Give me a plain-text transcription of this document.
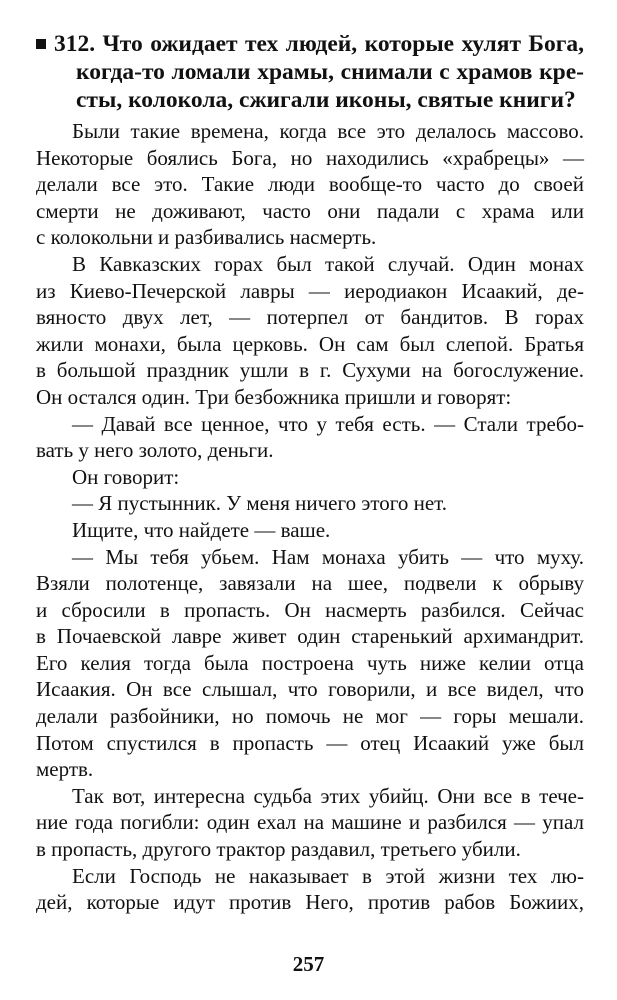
312. Что ожидает тех людей, которые хулят Бога,
когда-то ломали храмы, снимали с храмов кре-
сты, колокола, сжигали иконы, святые книги?
Были такие времена, когда все это делалось массово.
Некоторые боялись Бога, но находились «храбрецы» —
делали все это. Такие люди вообще-то часто до своей
смерти не доживают, часто они падали с храма или
с колокольни и разбивались насмерть.
В Кавказских горах был такой случай. Один монах
из Киево-Печерской лавры — иеродиакон Исаакий, де-
вяносто двух лет, — потерпел от бандитов. В горах
жили монахи, была церковь. Он сам был слепой. Братья
в большой праздник ушли в г. Сухуми на богослужение.
Он остался один. Три безбожника пришли и говорят:
— Давай все ценное, что у тебя есть. — Стали требо-
вать у него золото, деньги.
Он говорит:
— Я пустынник. У меня ничего этого нет.
Ищите, что найдете — ваше.
— Мы тебя убьем. Нам монаха убить — что муху.
Взяли полотенце, завязали на шее, подвели к обрыву
и сбросили в пропасть. Он насмерть разбился. Сейчас
в Почаевской лавре живет один старенький архимандрит.
Его келия тогда была построена чуть ниже келии отца
Исаакия. Он все слышал, что говорили, и все видел, что
делали разбойники, но помочь не мог — горы мешали.
Потом спустился в пропасть — отец Исаакий уже был
мертв.
Так вот, интересна судьба этих убийц. Они все в тече-
ние года погибли: один ехал на машине и разбился — упал
в пропасть, другого трактор раздавил, третьего убили.
Если Господь не наказывает в этой жизни тех лю-
дей, которые идут против Него, против рабов Божиих,
257
